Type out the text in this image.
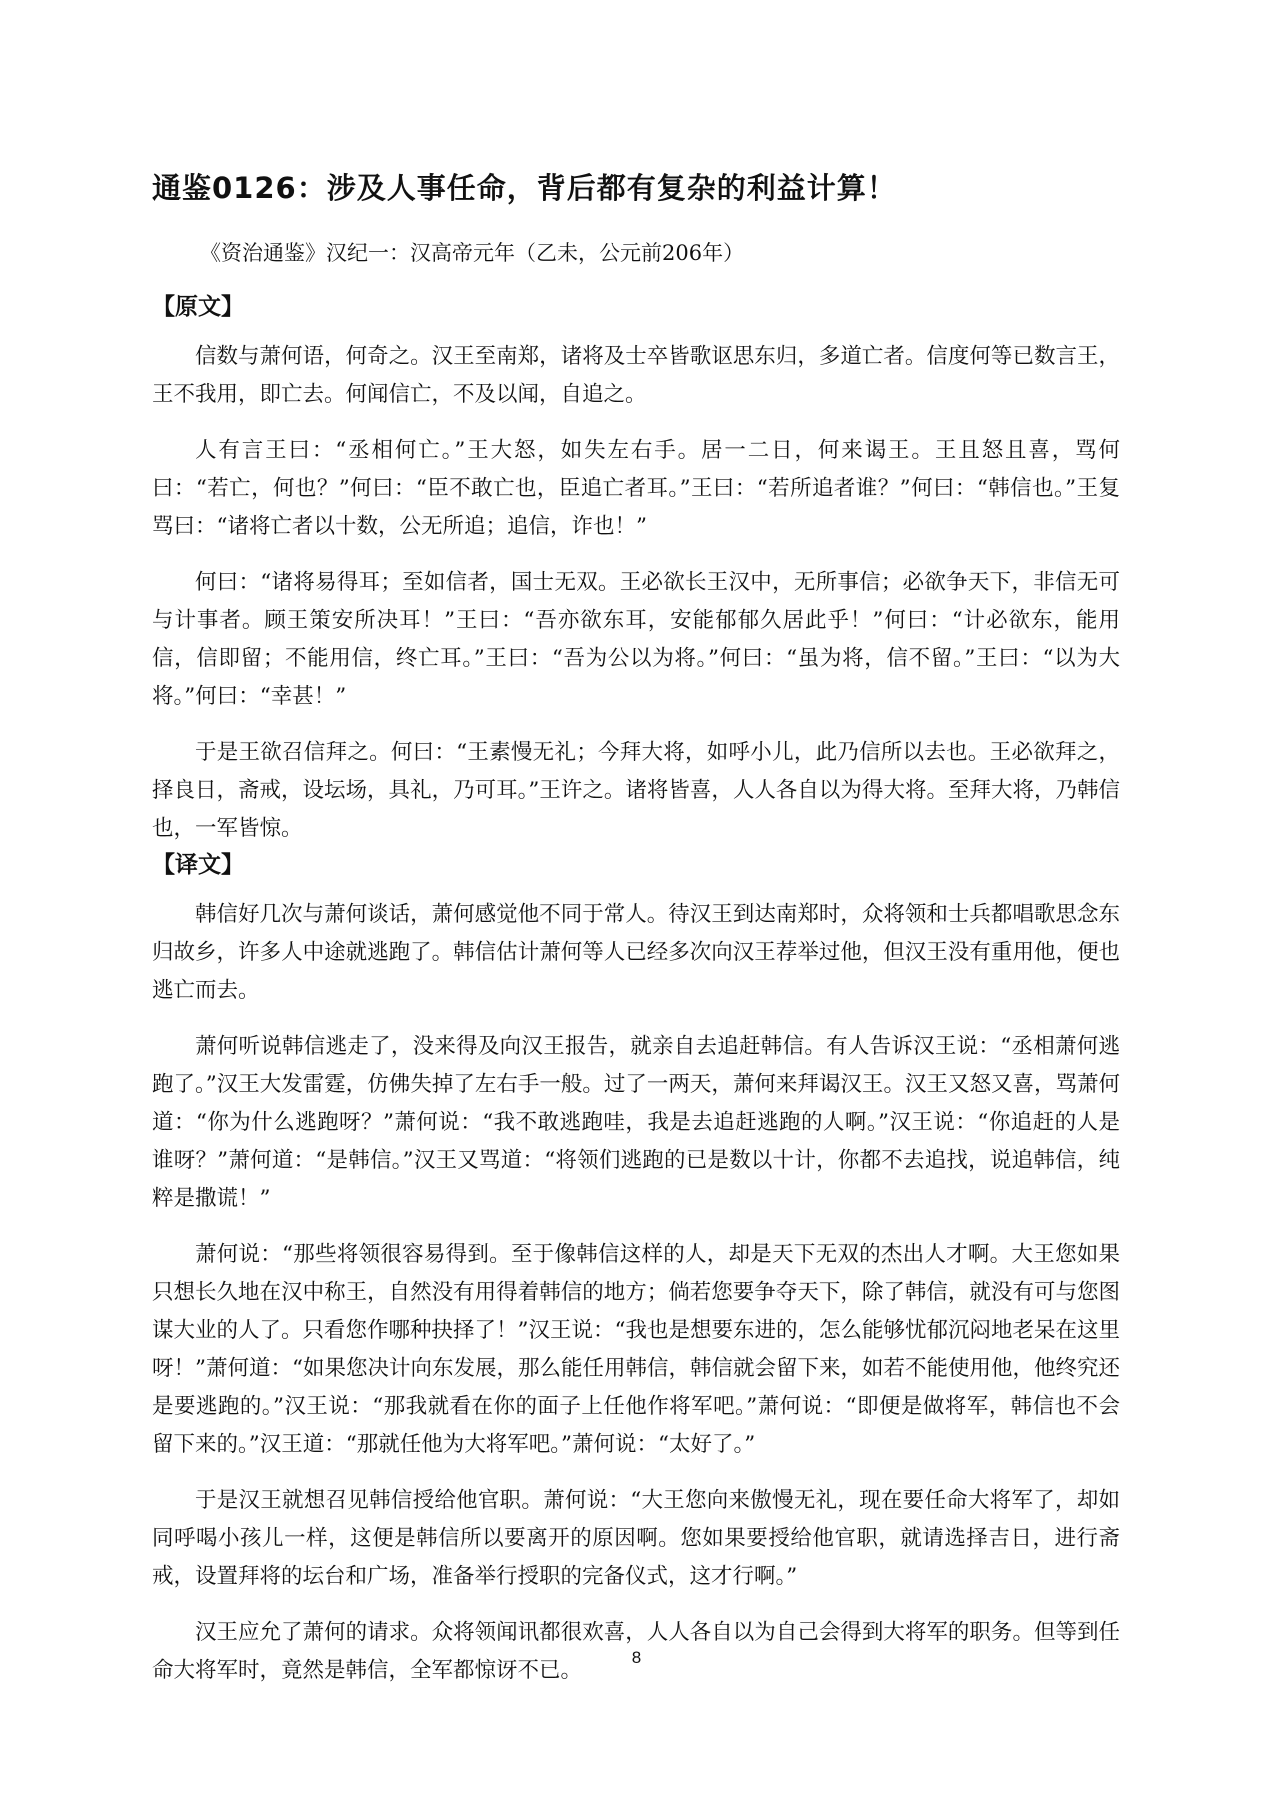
通鉴0126：涉及人事任命，背后都有复杂的利益计算！

《资治通鉴》汉纪一：汉高帝元年（乙未，公元前206年）

【原文】

信数与萧何语，何奇之。汉王至南郑，诸将及士卒皆歌讴思东归，多道亡者。信度何等已数言王，王不我用，即亡去。何闻信亡，不及以闻，自追之。

人有言王曰：“丞相何亡。”王大怒，如失左右手。居一二日，何来谒王。王且怒且喜，骂何曰：“若亡，何也？”何曰：“臣不敢亡也，臣追亡者耳。”王曰：“若所追者谁？”何曰：“韩信也。”王复骂曰：“诸将亡者以十数，公无所追；追信，诈也！”

何曰：“诸将易得耳；至如信者，国士无双。王必欲长王汉中，无所事信；必欲争天下，非信无可与计事者。顾王策安所决耳！”王曰：“吾亦欲东耳，安能郁郁久居此乎！”何曰：“计必欲东，能用信，信即留；不能用信，终亡耳。”王曰：“吾为公以为将。”何曰：“虽为将，信不留。”王曰：“以为大将。”何曰：“幸甚！”

于是王欲召信拜之。何曰：“王素慢无礼；今拜大将，如呼小儿，此乃信所以去也。王必欲拜之，择良日，斋戒，设坛场，具礼，乃可耳。”王许之。诸将皆喜，人人各自以为得大将。至拜大将，乃韩信也，一军皆惊。

【译文】

韩信好几次与萧何谈话，萧何感觉他不同于常人。待汉王到达南郑时，众将领和士兵都唱歌思念东归故乡，许多人中途就逃跑了。韩信估计萧何等人已经多次向汉王荐举过他，但汉王没有重用他，便也逃亡而去。

萧何听说韩信逃走了，没来得及向汉王报告，就亲自去追赶韩信。有人告诉汉王说：“丞相萧何逃跑了。”汉王大发雷霆，仿佛失掉了左右手一般。过了一两天，萧何来拜谒汉王。汉王又怒又喜，骂萧何道：“你为什么逃跑呀？”萧何说：“我不敢逃跑哇，我是去追赶逃跑的人啊。”汉王说：“你追赶的人是谁呀？”萧何道：“是韩信。”汉王又骂道：“将领们逃跑的已是数以十计，你都不去追找，说追韩信，纯粹是撒谎！”

萧何说：“那些将领很容易得到。至于像韩信这样的人，却是天下无双的杰出人才啊。大王您如果只想长久地在汉中称王，自然没有用得着韩信的地方；倘若您要争夺天下，除了韩信，就没有可与您图谋大业的人了。只看您作哪种抉择了！”汉王说：“我也是想要东进的，怎么能够忧郁沉闷地老呆在这里呀！”萧何道：“如果您决计向东发展，那么能任用韩信，韩信就会留下来，如若不能使用他，他终究还是要逃跑的。”汉王说：“那我就看在你的面子上任他作将军吧。”萧何说：“即便是做将军，韩信也不会留下来的。”汉王道：“那就任他为大将军吧。”萧何说：“太好了。”

于是汉王就想召见韩信授给他官职。萧何说：“大王您向来傲慢无礼，现在要任命大将军了，却如同呼喝小孩儿一样，这便是韩信所以要离开的原因啊。您如果要授给他官职，就请选择吉日，进行斋戒，设置拜将的坛台和广场，准备举行授职的完备仪式，这才行啊。”

汉王应允了萧何的请求。众将领闻讯都很欢喜，人人各自以为自己会得到大将军的职务。但等到任命大将军时，竟然是韩信，全军都惊讶不已。

8
